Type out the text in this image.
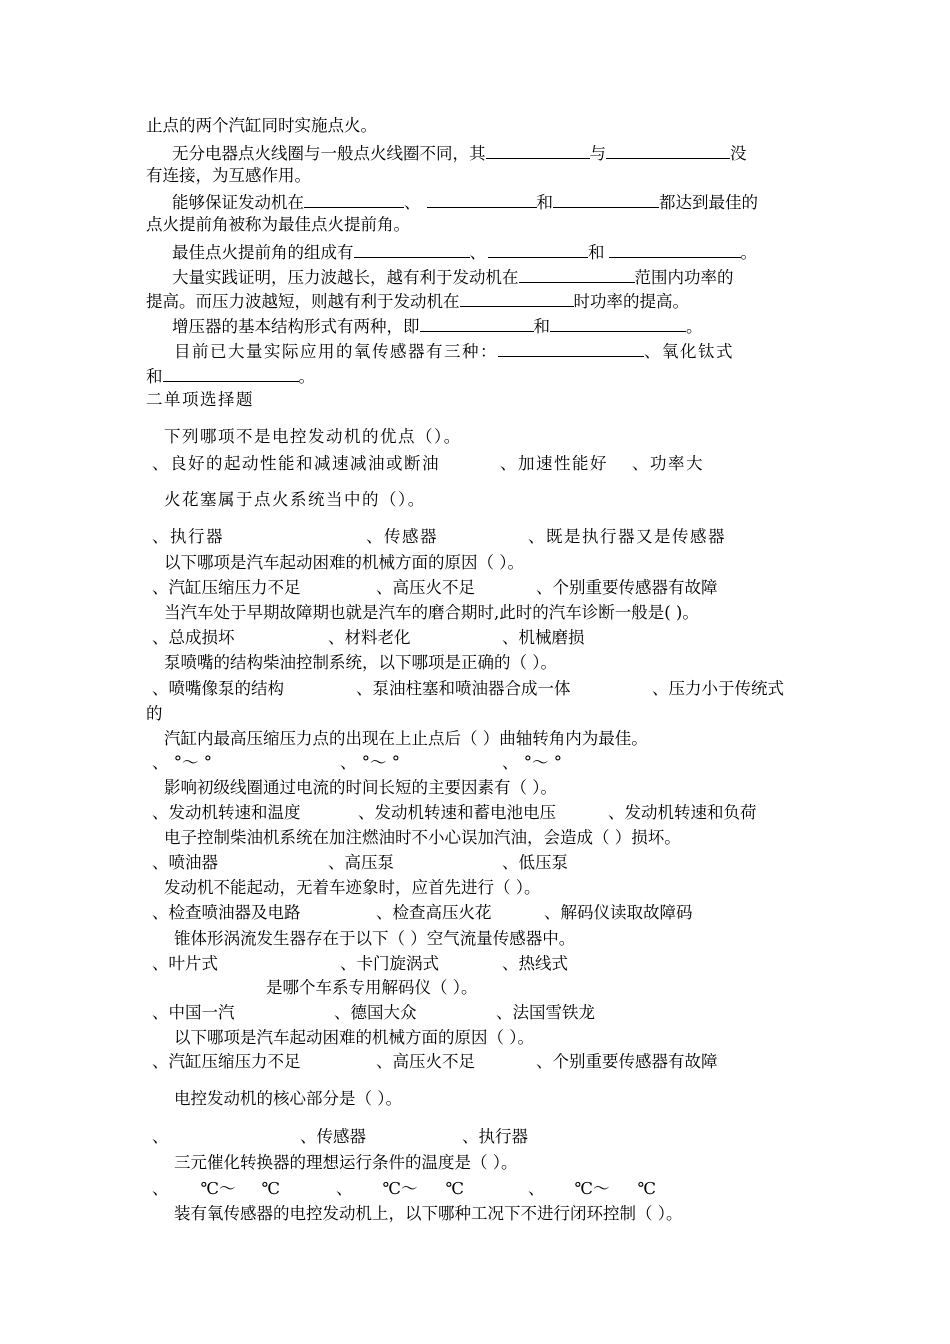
止点的两个汽缸同时实施点火。
无分电器点火线圈与一般点火线圈不同，其	与	没
有连接，为互感作用。
能够保证发动机在	、	和	都达到最佳的
点火提前角被称为最佳点火提前角。
最佳点火提前角的组成有	、	和	。
大量实践证明，压力波越长，越有利于发动机在	范围内功率的
提高。而压力波越短，则越有利于发动机在	时功率的提高。
增压器的基本结构形式有两种，即	和	。
目前已大量实际应用的氧传感器有三种：	、氧化钛式
和	。
二单项选择题
下列哪项不是电控发动机的优点（）。
、良好的起动性能和减速减油或断油	、加速性能好 、功率大
火花塞属于点火系统当中的（）。
、执行器	、传感器	、既是执行器又是传感器
以下哪项是汽车起动困难的机械方面的原因（ ）。
、汽缸压缩压力不足	、高压火不足	、个别重要传感器有故障
当汽车处于早期故障期也就是汽车的磨合期时,此时的汽车诊断一般是( )。
、总成损坏	、材料老化	、机械磨损
泵喷嘴的结构柴油控制系统，以下哪项是正确的（ ）。
、喷嘴像泵的结构	、泵油柱塞和喷油器合成一体	、压力小于传统式
的
汽缸内最高压缩压力点的出现在上止点后（ ）曲轴转角内为最佳。
、 °～ °	、 °～ °	、 °～ °
影响初级线圈通过电流的时间长短的主要因素有（ ）。
、发动机转速和温度	、发动机转速和蓄电池电压	、发动机转速和负荷
电子控制柴油机系统在加注燃油时不小心误加汽油，会造成（ ）损坏。
、喷油器	、高压泵	、低压泵
发动机不能起动，无着车迹象时，应首先进行（ ）。
、检查喷油器及电路	、检查高压火花	、解码仪读取故障码
锥体形涡流发生器存在于以下（ ）空气流量传感器中。
、叶片式	、卡门旋涡式	、热线式
是哪个车系专用解码仪（ ）。
、中国一汽	、德国大众	、法国雪铁龙
以下哪项是汽车起动困难的机械方面的原因（ ）。
、汽缸压缩压力不足	、高压火不足	、个别重要传感器有故障
电控发动机的核心部分是（ ）。
、	、传感器	、执行器
三元催化转换器的理想运行条件的温度是（ ）。
、 ℃～ ℃	、 ℃～ ℃	、 ℃～ ℃
装有氧传感器的电控发动机上，以下哪种工况下不进行闭环控制（ ）。
